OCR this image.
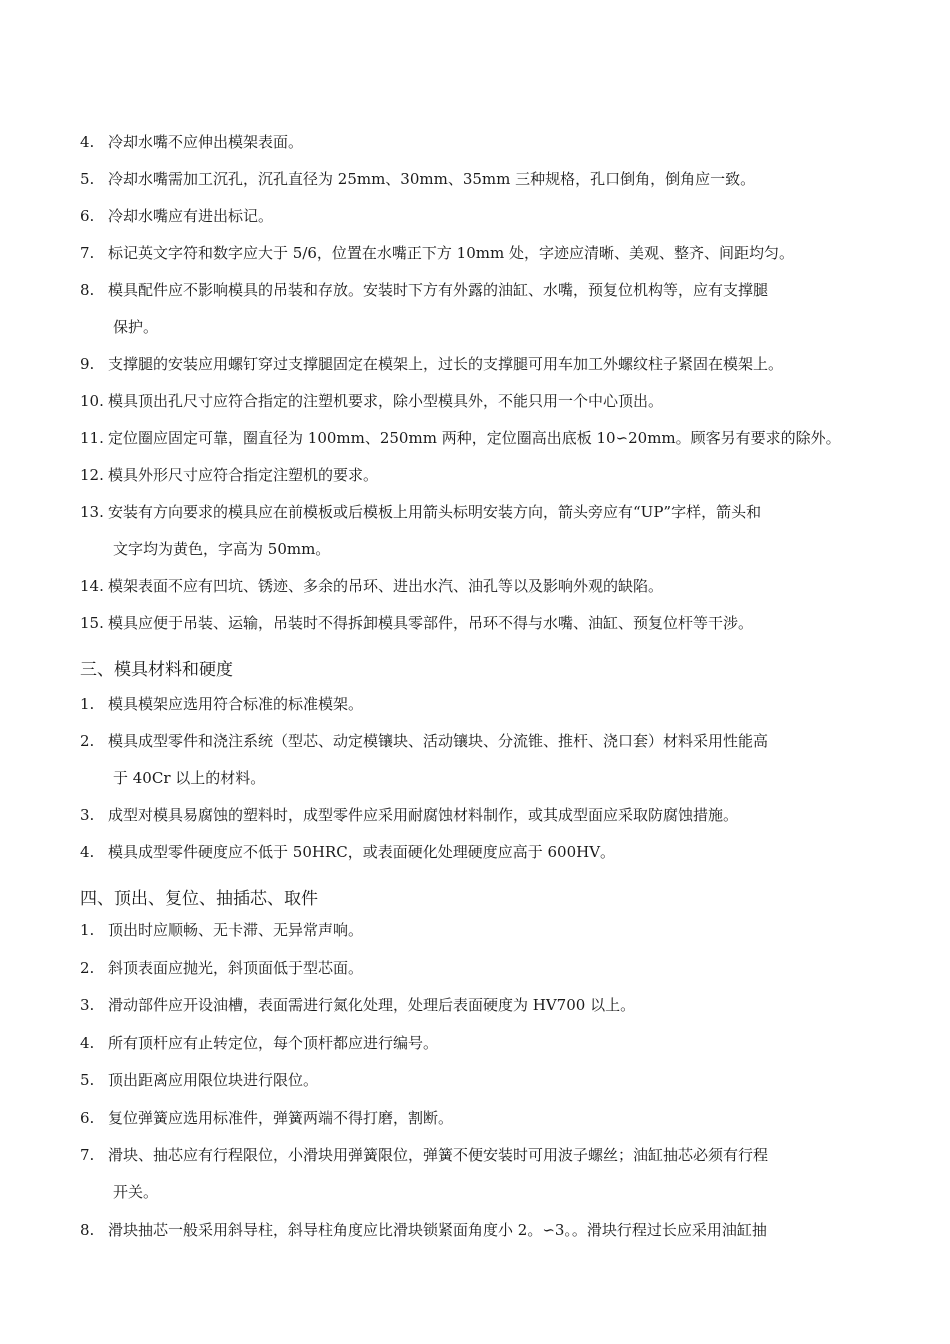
4. 冷却水嘴不应伸出模架表面。
5. 冷却水嘴需加工沉孔，沉孔直径为 25mm、30mm、35mm 三种规格，孔口倒角，倒角应一致。
6. 冷却水嘴应有进出标记。
7. 标记英文字符和数字应大于 5/6，位置在水嘴正下方 10mm 处，字迹应清晰、美观、整齐、间距均匀。
8. 模具配件应不影响模具的吊装和存放。安装时下方有外露的油缸、水嘴，预复位机构等，应有支撑腿
保护。
9. 支撑腿的安装应用螺钉穿过支撑腿固定在模架上，过长的支撑腿可用车加工外螺纹柱子紧固在模架上。
10. 模具顶出孔尺寸应符合指定的注塑机要求，除小型模具外，不能只用一个中心顶出。
11. 定位圈应固定可靠，圈直径为 100mm、250mm 两种，定位圈高出底板 10∽20mm。顾客另有要求的除外。
12. 模具外形尺寸应符合指定注塑机的要求。
13. 安装有方向要求的模具应在前模板或后模板上用箭头标明安装方向，箭头旁应有“UP”字样，箭头和
文字均为黄色，字高为 50mm。
14. 模架表面不应有凹坑、锈迹、多余的吊环、进出水汽、油孔等以及影响外观的缺陷。
15. 模具应便于吊装、运输，吊装时不得拆卸模具零部件，吊环不得与水嘴、油缸、预复位杆等干涉。
三、模具材料和硬度
1. 模具模架应选用符合标准的标准模架。
2. 模具成型零件和浇注系统（型芯、动定模镶块、活动镶块、分流锥、推杆、浇口套）材料采用性能高
于 40Cr 以上的材料。
3. 成型对模具易腐蚀的塑料时，成型零件应采用耐腐蚀材料制作，或其成型面应采取防腐蚀措施。
4. 模具成型零件硬度应不低于 50HRC，或表面硬化处理硬度应高于 600HV。
四、顶出、复位、抽插芯、取件
1. 顶出时应顺畅、无卡滞、无异常声响。
2. 斜顶表面应抛光，斜顶面低于型芯面。
3. 滑动部件应开设油槽，表面需进行氮化处理，处理后表面硬度为 HV700 以上。
4. 所有顶杆应有止转定位，每个顶杆都应进行编号。
5. 顶出距离应用限位块进行限位。
6. 复位弹簧应选用标准件，弹簧两端不得打磨，割断。
7. 滑块、抽芯应有行程限位，小滑块用弹簧限位，弹簧不便安装时可用波子螺丝；油缸抽芯必须有行程
开关。
8. 滑块抽芯一般采用斜导柱，斜导柱角度应比滑块锁紧面角度小 2。∽3。。滑块行程过长应采用油缸抽
